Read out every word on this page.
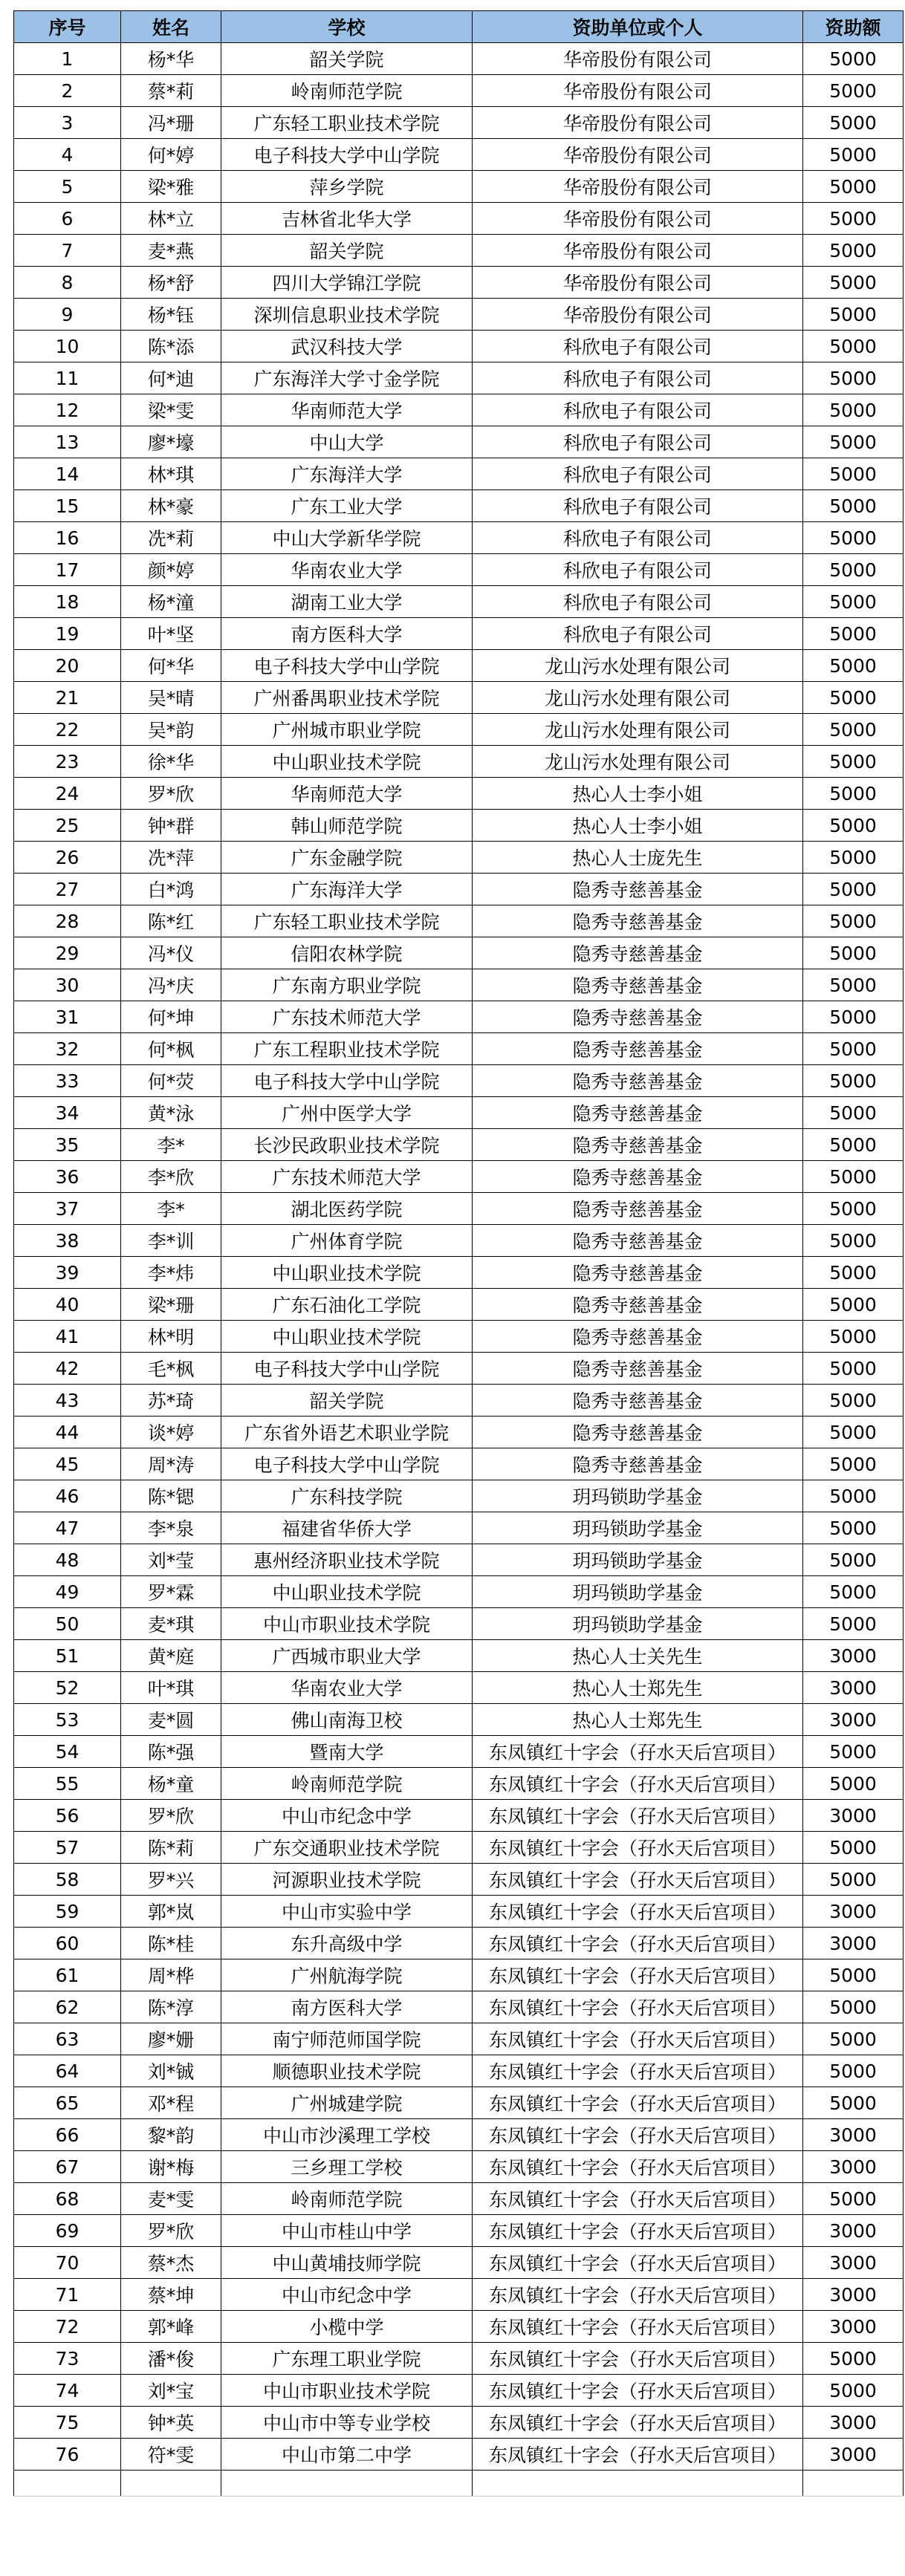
序号	姓名	学校	资助单位或个人	资助额
1	杨*华	韶关学院	华帝股份有限公司	5000
2	蔡*莉	岭南师范学院	华帝股份有限公司	5000
3	冯*珊	广东轻工职业技术学院	华帝股份有限公司	5000
4	何*婷	电子科技大学中山学院	华帝股份有限公司	5000
5	梁*雅	萍乡学院	华帝股份有限公司	5000
6	林*立	吉林省北华大学	华帝股份有限公司	5000
7	麦*燕	韶关学院	华帝股份有限公司	5000
8	杨*舒	四川大学锦江学院	华帝股份有限公司	5000
9	杨*钰	深圳信息职业技术学院	华帝股份有限公司	5000
10	陈*添	武汉科技大学	科欣电子有限公司	5000
11	何*迪	广东海洋大学寸金学院	科欣电子有限公司	5000
12	梁*雯	华南师范大学	科欣电子有限公司	5000
13	廖*壕	中山大学	科欣电子有限公司	5000
14	林*琪	广东海洋大学	科欣电子有限公司	5000
15	林*豪	广东工业大学	科欣电子有限公司	5000
16	冼*莉	中山大学新华学院	科欣电子有限公司	5000
17	颜*婷	华南农业大学	科欣电子有限公司	5000
18	杨*潼	湖南工业大学	科欣电子有限公司	5000
19	叶*坚	南方医科大学	科欣电子有限公司	5000
20	何*华	电子科技大学中山学院	龙山污水处理有限公司	5000
21	吴*晴	广州番禺职业技术学院	龙山污水处理有限公司	5000
22	吴*韵	广州城市职业学院	龙山污水处理有限公司	5000
23	徐*华	中山职业技术学院	龙山污水处理有限公司	5000
24	罗*欣	华南师范大学	热心人士李小姐	5000
25	钟*群	韩山师范学院	热心人士李小姐	5000
26	冼*萍	广东金融学院	热心人士庞先生	5000
27	白*鸿	广东海洋大学	隐秀寺慈善基金	5000
28	陈*红	广东轻工职业技术学院	隐秀寺慈善基金	5000
29	冯*仪	信阳农林学院	隐秀寺慈善基金	5000
30	冯*庆	广东南方职业学院	隐秀寺慈善基金	5000
31	何*坤	广东技术师范大学	隐秀寺慈善基金	5000
32	何*枫	广东工程职业技术学院	隐秀寺慈善基金	5000
33	何*荧	电子科技大学中山学院	隐秀寺慈善基金	5000
34	黄*泳	广州中医学大学	隐秀寺慈善基金	5000
35	李*	长沙民政职业技术学院	隐秀寺慈善基金	5000
36	李*欣	广东技术师范大学	隐秀寺慈善基金	5000
37	李*	湖北医药学院	隐秀寺慈善基金	5000
38	李*训	广州体育学院	隐秀寺慈善基金	5000
39	李*炜	中山职业技术学院	隐秀寺慈善基金	5000
40	梁*珊	广东石油化工学院	隐秀寺慈善基金	5000
41	林*明	中山职业技术学院	隐秀寺慈善基金	5000
42	毛*枫	电子科技大学中山学院	隐秀寺慈善基金	5000
43	苏*琦	韶关学院	隐秀寺慈善基金	5000
44	谈*婷	广东省外语艺术职业学院	隐秀寺慈善基金	5000
45	周*涛	电子科技大学中山学院	隐秀寺慈善基金	5000
46	陈*锶	广东科技学院	玥玛锁助学基金	5000
47	李*泉	福建省华侨大学	玥玛锁助学基金	5000
48	刘*莹	惠州经济职业技术学院	玥玛锁助学基金	5000
49	罗*霖	中山职业技术学院	玥玛锁助学基金	5000
50	麦*琪	中山市职业技术学院	玥玛锁助学基金	5000
51	黄*庭	广西城市职业大学	热心人士关先生	3000
52	叶*琪	华南农业大学	热心人士郑先生	3000
53	麦*圆	佛山南海卫校	热心人士郑先生	3000
54	陈*强	暨南大学	东凤镇红十字会（孖水天后宫项目）	5000
55	杨*童	岭南师范学院	东凤镇红十字会（孖水天后宫项目）	5000
56	罗*欣	中山市纪念中学	东凤镇红十字会（孖水天后宫项目）	3000
57	陈*莉	广东交通职业技术学院	东凤镇红十字会（孖水天后宫项目）	5000
58	罗*兴	河源职业技术学院	东凤镇红十字会（孖水天后宫项目）	5000
59	郭*岚	中山市实验中学	东凤镇红十字会（孖水天后宫项目）	3000
60	陈*桂	东升高级中学	东凤镇红十字会（孖水天后宫项目）	3000
61	周*桦	广州航海学院	东凤镇红十字会（孖水天后宫项目）	5000
62	陈*淳	南方医科大学	东凤镇红十字会（孖水天后宫项目）	5000
63	廖*姗	南宁师范师国学院	东凤镇红十字会（孖水天后宫项目）	5000
64	刘*铖	顺德职业技术学院	东凤镇红十字会（孖水天后宫项目）	5000
65	邓*程	广州城建学院	东凤镇红十字会（孖水天后宫项目）	5000
66	黎*韵	中山市沙溪理工学校	东凤镇红十字会（孖水天后宫项目）	3000
67	谢*梅	三乡理工学校	东凤镇红十字会（孖水天后宫项目）	3000
68	麦*雯	岭南师范学院	东凤镇红十字会（孖水天后宫项目）	5000
69	罗*欣	中山市桂山中学	东凤镇红十字会（孖水天后宫项目）	3000
70	蔡*杰	中山黄埔技师学院	东凤镇红十字会（孖水天后宫项目）	3000
71	蔡*坤	中山市纪念中学	东凤镇红十字会（孖水天后宫项目）	3000
72	郭*峰	小榄中学	东凤镇红十字会（孖水天后宫项目）	3000
73	潘*俊	广东理工职业学院	东凤镇红十字会（孖水天后宫项目）	5000
74	刘*宝	中山市职业技术学院	东凤镇红十字会（孖水天后宫项目）	5000
75	钟*英	中山市中等专业学校	东凤镇红十字会（孖水天后宫项目）	3000
76	符*雯	中山市第二中学	东凤镇红十字会（孖水天后宫项目）	3000
